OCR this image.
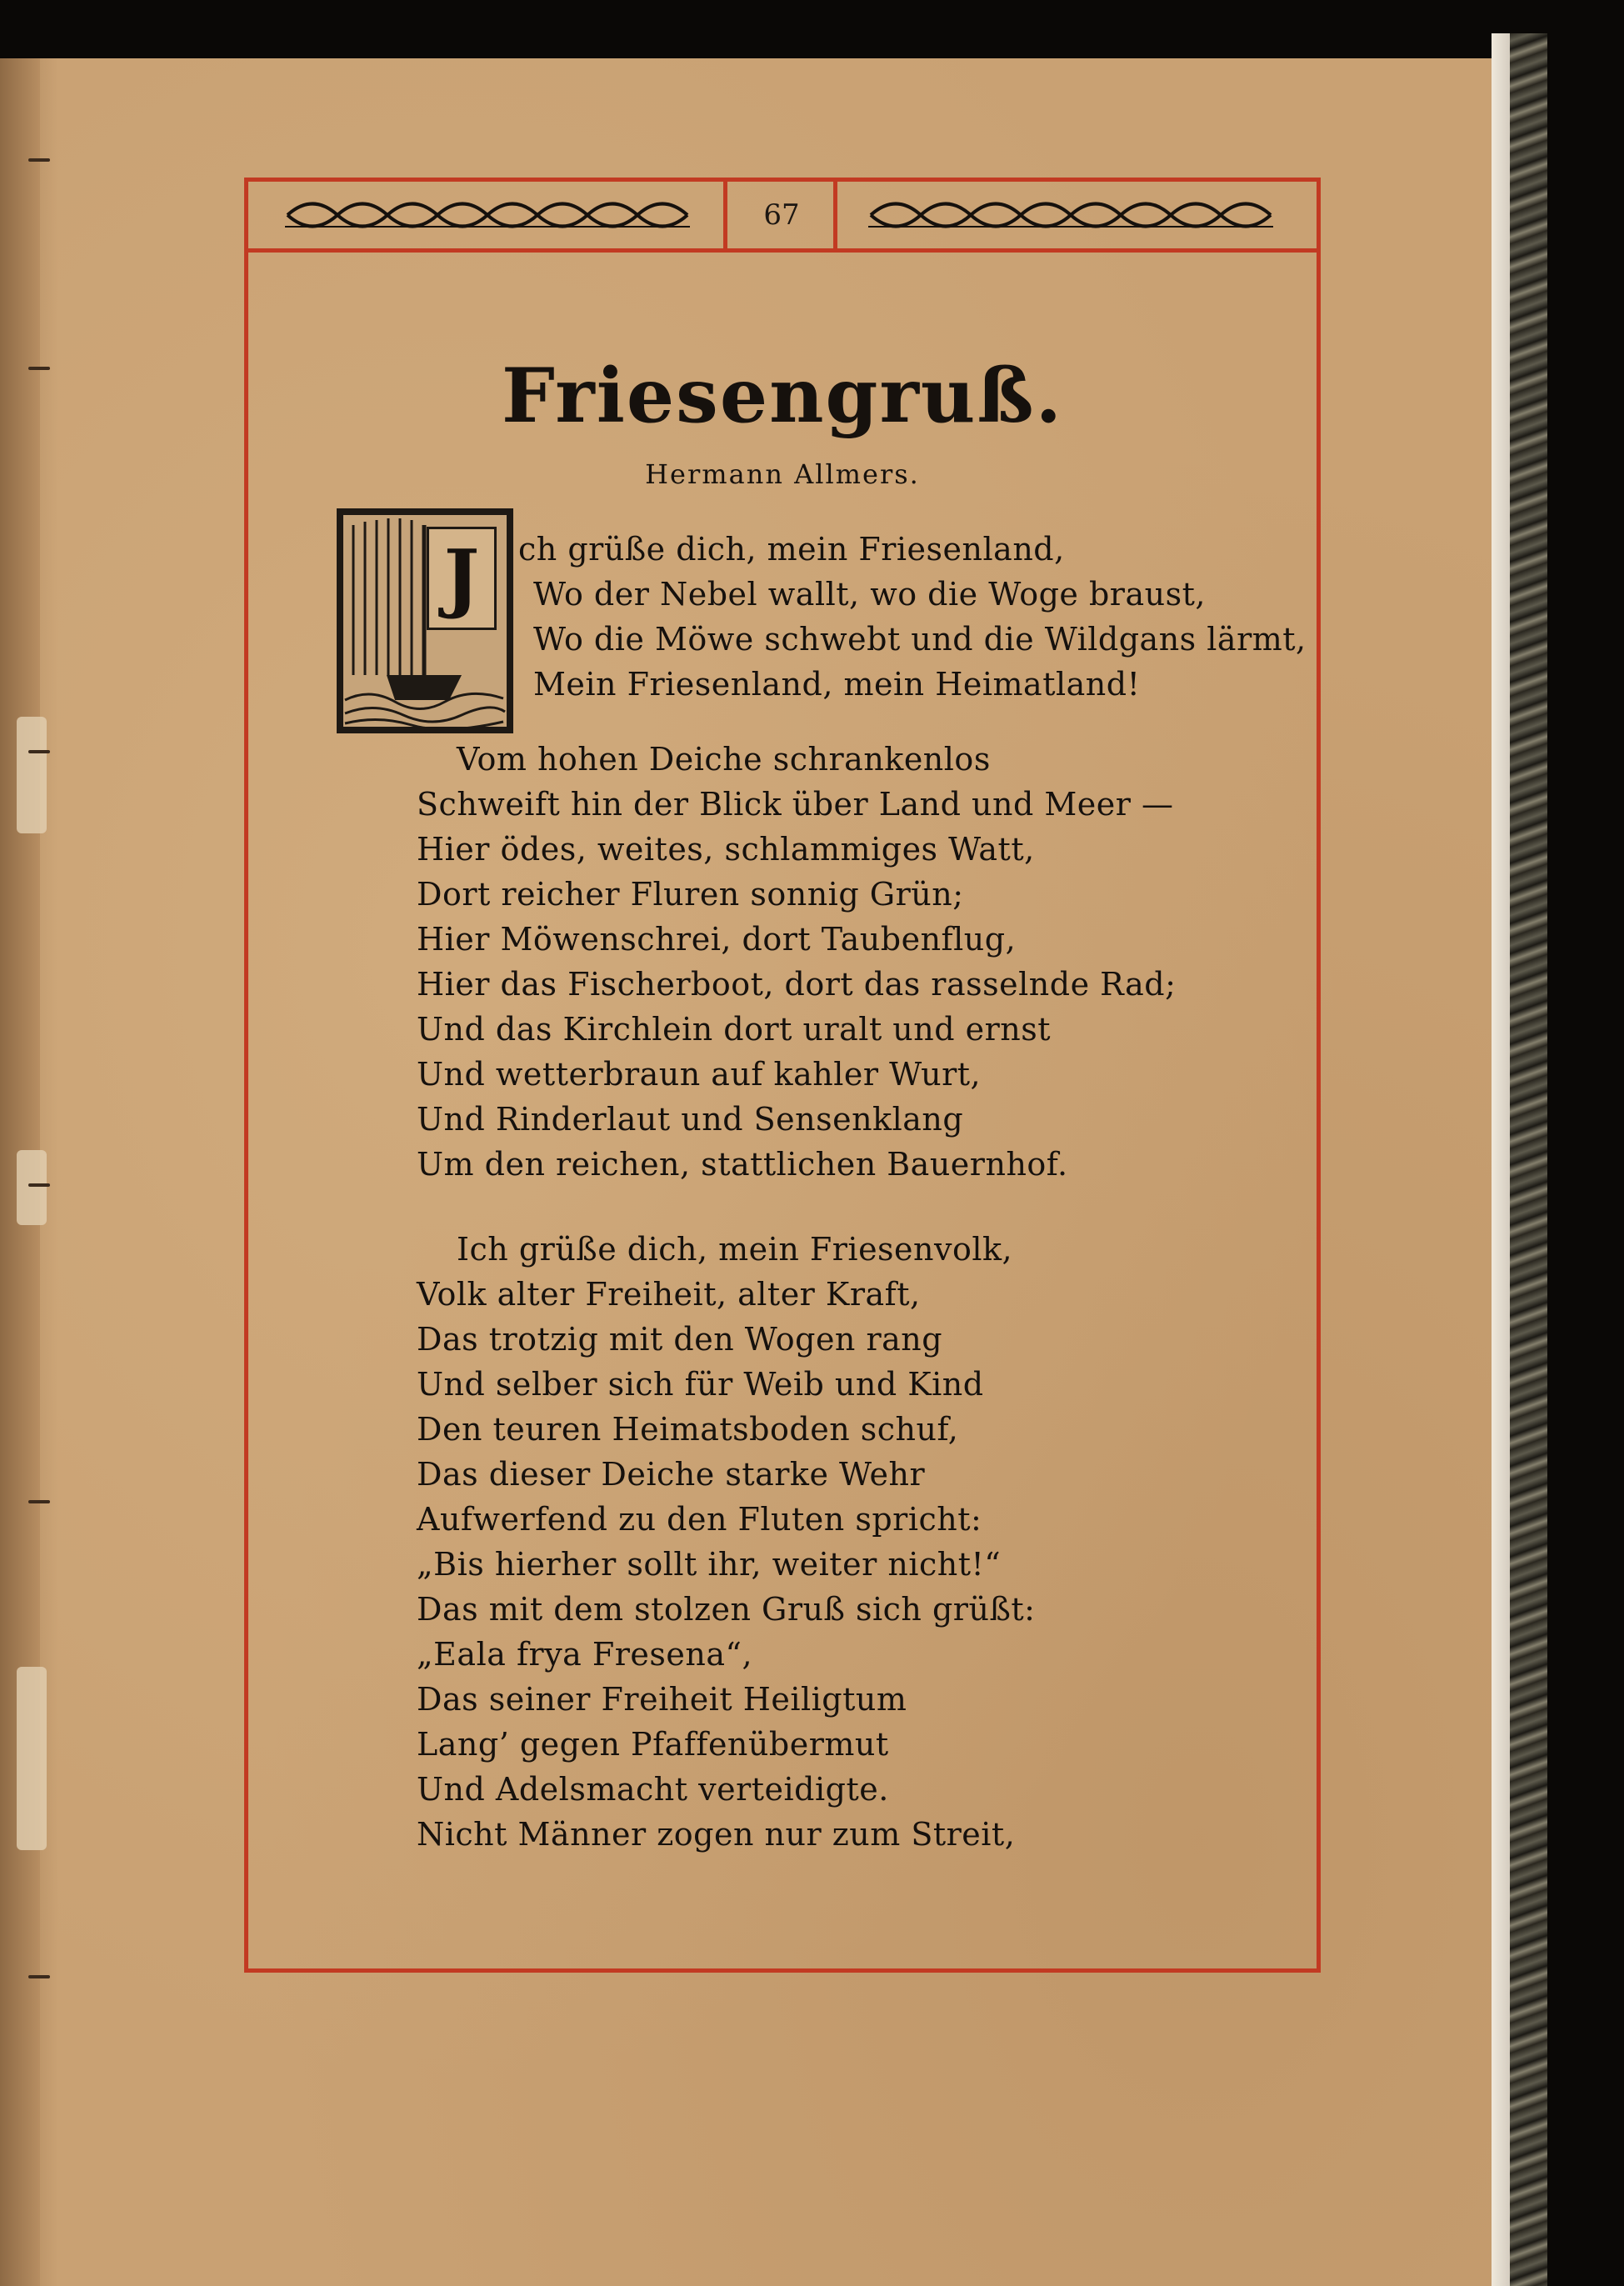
67
Friesengruß.
Hermann Allmers.
J	ch grüße dich, mein Friesenland,
Wo der Nebel wallt, wo die Woge braust,
Wo die Möwe schwebt und die Wildgans lärmt,
Mein Friesenland, mein Heimatland!
Vom hohen Deiche schrankenlos
Schweift hin der Blick über Land und Meer —
Hier ödes, weites, schlammiges Watt,
Dort reicher Fluren sonnig Grün;
Hier Möwenschrei, dort Taubenflug,
Hier das Fischerboot, dort das rasselnde Rad;
Und das Kirchlein dort uralt und ernst
Und wetterbraun auf kahler Wurt,
Und Rinderlaut und Sensenklang
Um den reichen, stattlichen Bauernhof.
Ich grüße dich, mein Friesenvolk,
Volk alter Freiheit, alter Kraft,
Das trotzig mit den Wogen rang
Und selber sich für Weib und Kind
Den teuren Heimatsboden schuf,
Das dieser Deiche starke Wehr
Aufwerfend zu den Fluten spricht:
„Bis hierher sollt ihr, weiter nicht!“
Das mit dem stolzen Gruß sich grüßt:
„Eala frya Fresena“,
Das seiner Freiheit Heiligtum
Lang’ gegen Pfaffenübermut
Und Adelsmacht verteidigte.
Nicht Männer zogen nur zum Streit,
